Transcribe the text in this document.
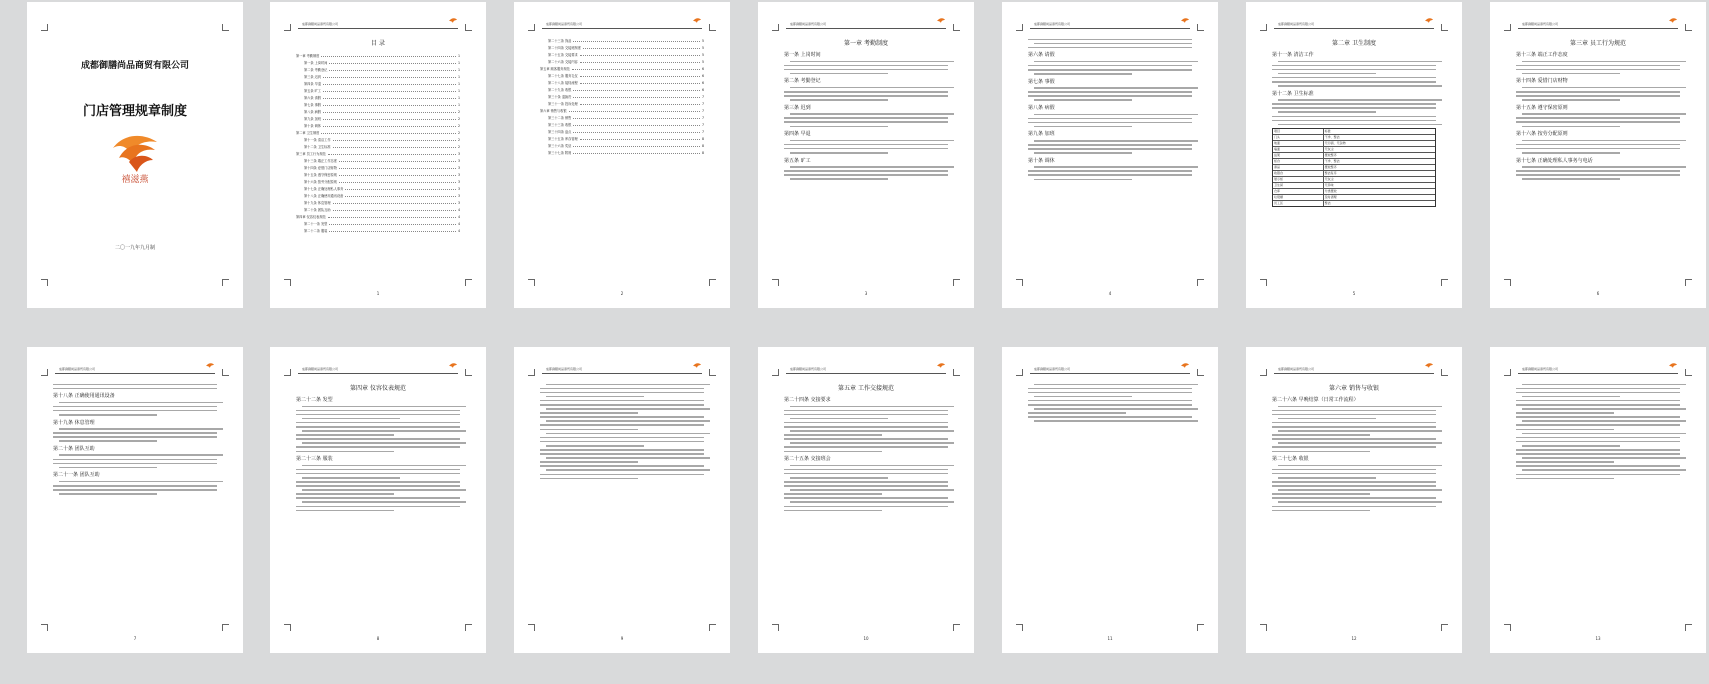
成都御膳尚品商贸有限公司
门店管理规章制度
禧滋燕
二〇一九年九月制
成都御膳尚品商贸有限公司
目 录
第一章 考勤制度	1
第一条 上岗时间	1
第二条 考勤登记	1
第三条 迟到	1
第四条 早退	1
第五条 旷工	1
第六条 请假	1
第七条 事假	1
第八条 病假	2
第九条 加班	2
第十条 调休	2
第二章 卫生制度	2
第十一条 清洁工作	2
第十二条 卫生标准	2
第三章 员工行为规范	3
第十三条 端正工作态度	3
第十四条 爱惜门店财物	3
第十五条 遵守保密原则	3
第十六条 按劳分配原则	3
第十七条 正确处理私人事务	3
第十八条 正确使用通讯设备	3
第十九条 休息管理	3
第二十条 团队互助	4
第四章 仪容仪表规范	4
第二十一条 发型	4
第二十二条 服装	4
1
成都御膳尚品商贸有限公司
第二十三条 饰品	5
第二十四条 交接班制度	5
第二十五条 交接要求	5
第二十六条 交接内容	5
第五章 顾客服务规范	6
第二十七条 服务礼仪	6
第二十八条 接待流程	6
第二十九条 收银	6
第三十条 退换货	7
第三十一条 投诉处理	7
第六章 销售与收银	7
第三十二条 销售	7
第三十三条 收银	7
第三十四条 盘点	7
第三十五条 库存管理	8
第三十六条 奖惩	8
第三十七条 附则	8
2
成都御膳尚品商贸有限公司
第一章 考勤制度
第一条 上岗时间
第二条 考勤登记
第三条 迟到
第四条 早退
第五条 旷工
3
成都御膳尚品商贸有限公司
第六条 请假
第七条 事假
第八条 病假
第九条 加班
第十条 调休
4
成都御膳尚品商贸有限公司
第二章 卫生制度
第十一条 清洁工作
第十二条 卫生标准
项目	标准
门头	干净、整洁
地面	无污渍、无杂物
墙面	无灰尘
货架	摆放整齐
柜台	干净、整洁
商品	摆放整齐
收银台	整洁有序
展示柜	无灰尘
卫生间	无异味
仓库	分类摆放
垃圾桶	及时清理
员工区	整洁
5
成都御膳尚品商贸有限公司
第三章 员工行为规范
第十三条 端正工作态度
第十四条 爱惜门店财物
第十五条 遵守保密原则
第十六条 按劳分配原则
第十七条 正确处理私人事务与电话
6
成都御膳尚品商贸有限公司
第十八条 正确使用通讯设备
第十九条 休息管理
第二十条 团队互助
第二十一条 团队互助
7
成都御膳尚品商贸有限公司
第四章 仪容仪表规范
第二十二条 发型
第二十三条 服装
8
成都御膳尚品商贸有限公司
9
成都御膳尚品商贸有限公司
第五章 工作交接规范
第二十四条 交接要求
第二十五条 交接班会
10
成都御膳尚品商贸有限公司
11
成都御膳尚品商贸有限公司
第六章 销售与收银
第二十六条 早晚结算（日常工作流程）
第二十七条 收银
12
成都御膳尚品商贸有限公司
13
